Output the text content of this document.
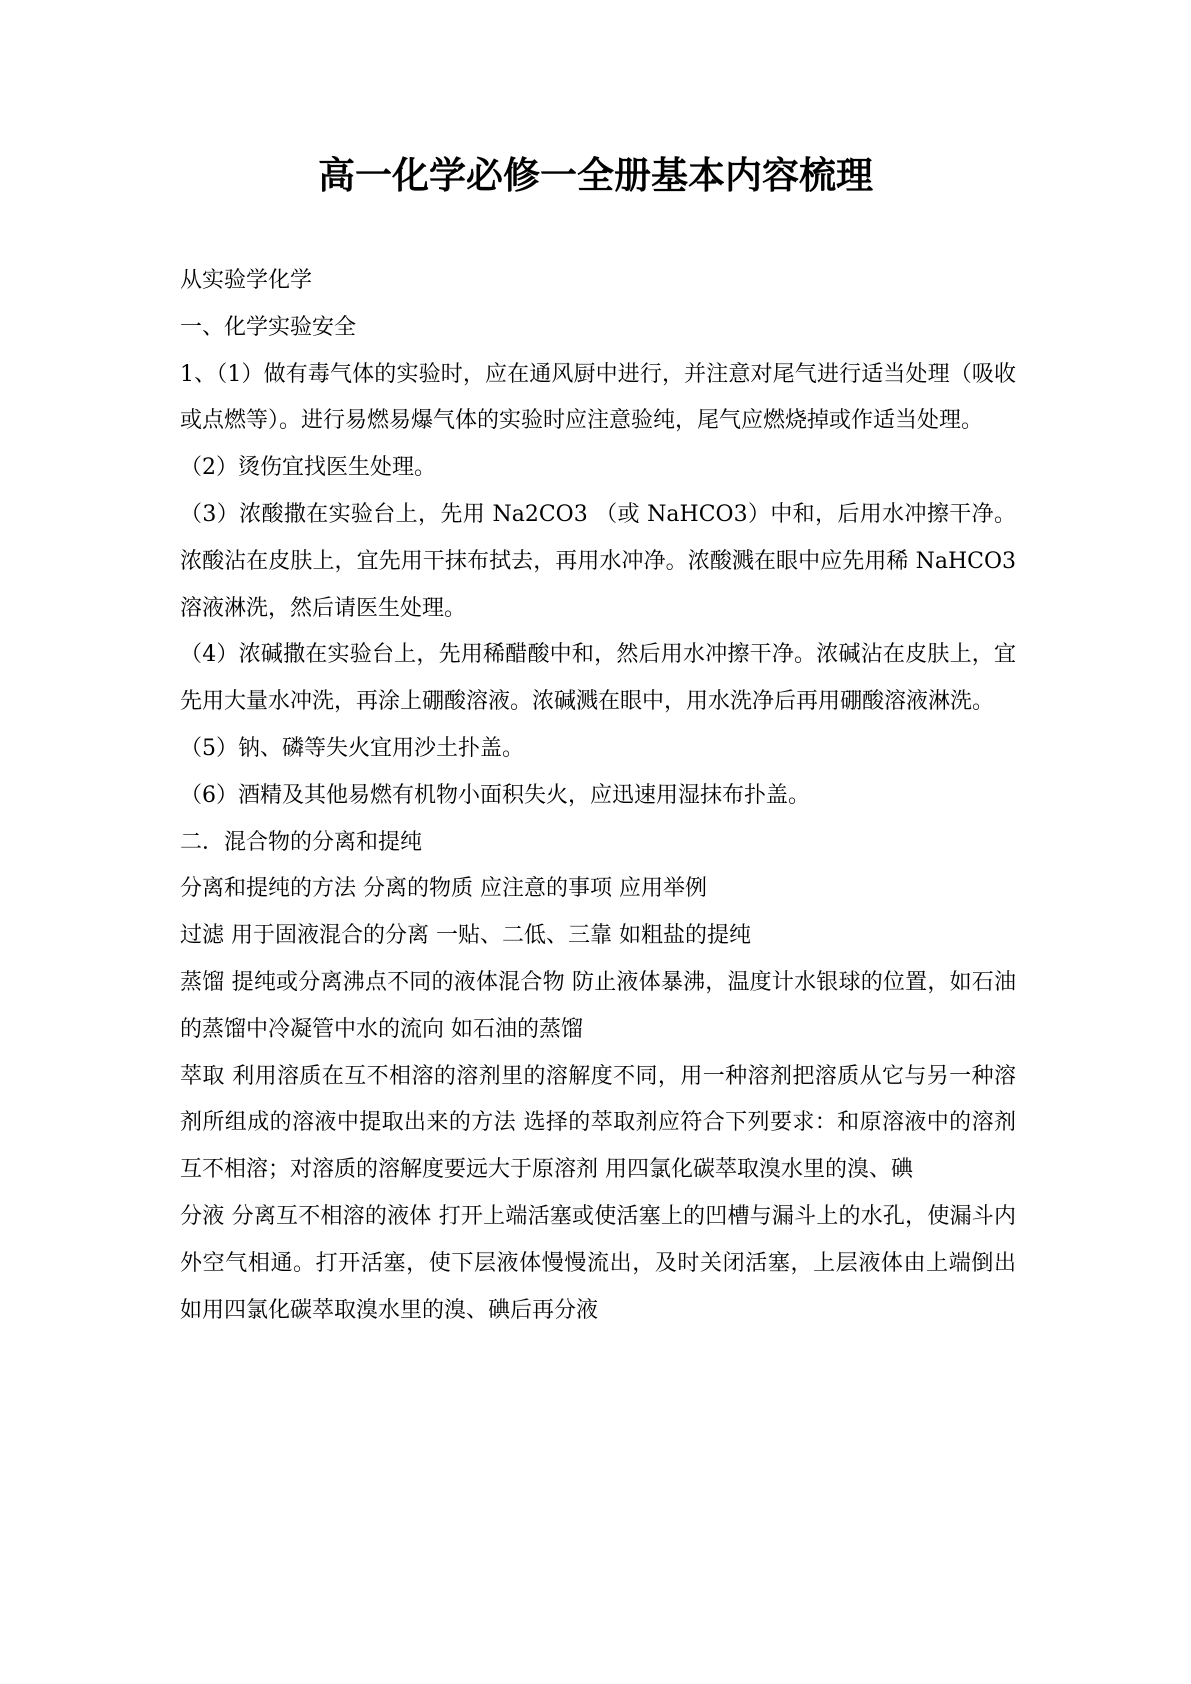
高一化学必修一全册基本内容梳理

从实验学化学

一、化学实验安全

1、（1）做有毒气体的实验时，应在通风厨中进行，并注意对尾气进行适当处理（吸收或点燃等）。进行易燃易爆气体的实验时应注意验纯，尾气应燃烧掉或作适当处理。

（2）烫伤宜找医生处理。

（3）浓酸撒在实验台上，先用 Na2CO3 （或 NaHCO3）中和，后用水冲擦干净。浓酸沾在皮肤上，宜先用干抹布拭去，再用水冲净。浓酸溅在眼中应先用稀 NaHCO3 溶液淋洗，然后请医生处理。

（4）浓碱撒在实验台上，先用稀醋酸中和，然后用水冲擦干净。浓碱沾在皮肤上，宜先用大量水冲洗，再涂上硼酸溶液。浓碱溅在眼中，用水洗净后再用硼酸溶液淋洗。

（5）钠、磷等失火宜用沙土扑盖。

（6）酒精及其他易燃有机物小面积失火，应迅速用湿抹布扑盖。

二．混合物的分离和提纯

分离和提纯的方法 分离的物质 应注意的事项 应用举例

过滤 用于固液混合的分离 一贴、二低、三靠 如粗盐的提纯

蒸馏 提纯或分离沸点不同的液体混合物 防止液体暴沸，温度计水银球的位置，如石油的蒸馏中冷凝管中水的流向 如石油的蒸馏

萃取 利用溶质在互不相溶的溶剂里的溶解度不同，用一种溶剂把溶质从它与另一种溶剂所组成的溶液中提取出来的方法 选择的萃取剂应符合下列要求：和原溶液中的溶剂互不相溶；对溶质的溶解度要远大于原溶剂 用四氯化碳萃取溴水里的溴、碘

分液 分离互不相溶的液体 打开上端活塞或使活塞上的凹槽与漏斗上的水孔，使漏斗内外空气相通。打开活塞，使下层液体慢慢流出，及时关闭活塞，上层液体由上端倒出 如用四氯化碳萃取溴水里的溴、碘后再分液
